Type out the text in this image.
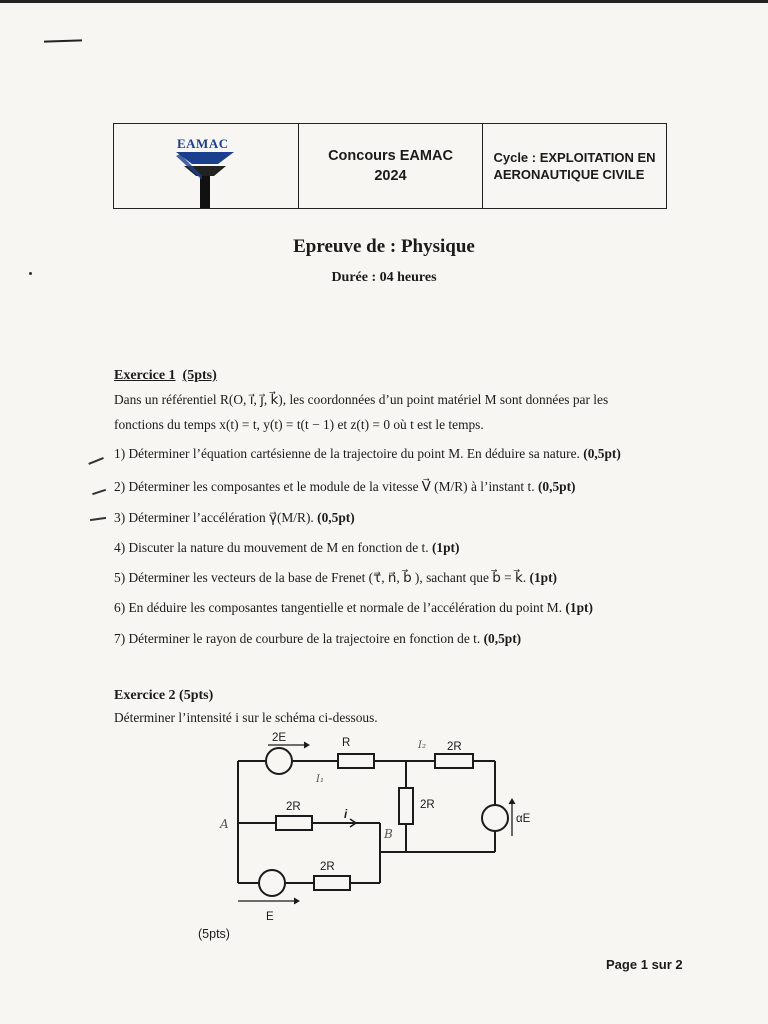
EAMAC
Concours EAMAC
2024
Cycle : EXPLOITATION EN
AERONAUTIQUE CIVILE
Epreuve de : Physique
Durée : 04 heures
Exercice 1 (5pts)
Dans un référentiel R(O, ı⃗, ȷ⃗, k⃗), les coordonnées d’un point matériel M sont données par les
fonctions du temps x(t) = t, y(t) = t(t − 1) et z(t) = 0 où t est le temps.
1) Déterminer l’équation cartésienne de la trajectoire du point M. En déduire sa nature. (0,5pt)
2) Déterminer les composantes et le module de la vitesse V⃗ (M/R) à l’instant t. (0,5pt)
3) Déterminer l’accélération γ⃗(M/R). (0,5pt)
4) Discuter la nature du mouvement de M en fonction de t. (1pt)
5) Déterminer les vecteurs de la base de Frenet (τ⃗, n⃗, b⃗ ), sachant que b⃗ = k⃗. (1pt)
6) En déduire les composantes tangentielle et normale de l’accélération du point M. (1pt)
7) Déterminer le rayon de courbure de la trajectoire en fonction de t. (0,5pt)
Exercice 2 (5pts)
Déterminer l’intensité i sur le schéma ci-dessous.
2E	R	2R
2R
2R
i	αE
2R
E
A
B
I₁
I₂
(5pts)
Page 1 sur 2
